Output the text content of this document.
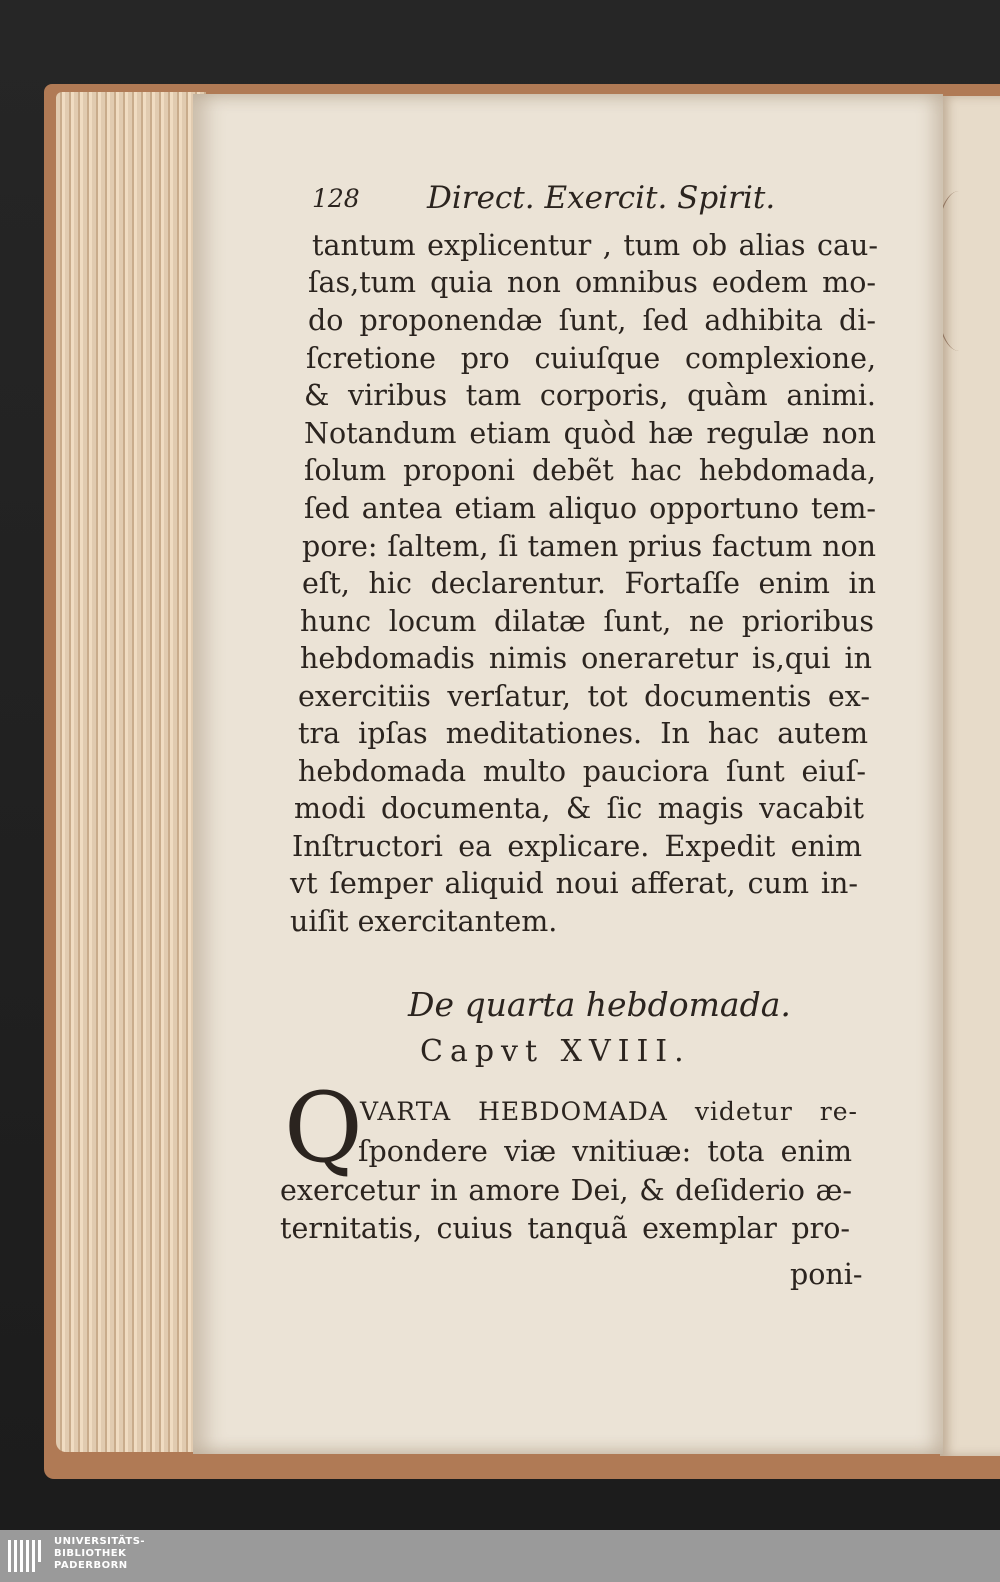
128 Direct. Exercit. Spirit.
tantum explicentur , tum ob alias cau-
ſas,tum quia non omnibus eodem mo-
do proponendæ ſunt, ſed adhibita di-
ſcretione pro cuiuſque complexione,
& viribus tam corporis, quàm animi.
Notandum etiam quòd hæ regulæ non
ſolum proponi debẽt hac hebdomada,
ſed antea etiam aliquo opportuno tem-
pore: ſaltem, ſi tamen prius factum non
eſt, hic declarentur. Fortaſſe enim in
hunc locum dilatæ ſunt, ne prioribus
hebdomadis nimis oneraretur is,qui in
exercitiis verſatur, tot documentis ex-
tra ipſas meditationes. In hac autem
hebdomada multo pauciora ſunt eiuſ-
modi documenta, & ſic magis vacabit
Inſtructori ea explicare. Expedit enim
vt ſemper aliquid noui afferat, cum in-
uiſit exercitantem.
De quarta hebdomada.
Capvt XVIII.
Q
VARTA HEBDOMADA videtur re-
ſpondere viæ vnitiuæ: tota enim
exercetur in amore Dei, & deſiderio æ-
ternitatis, cuius tanquã exemplar pro-
poni-
UNIVERSITÄTS-
BIBLIOTHEK
PADERBORN
